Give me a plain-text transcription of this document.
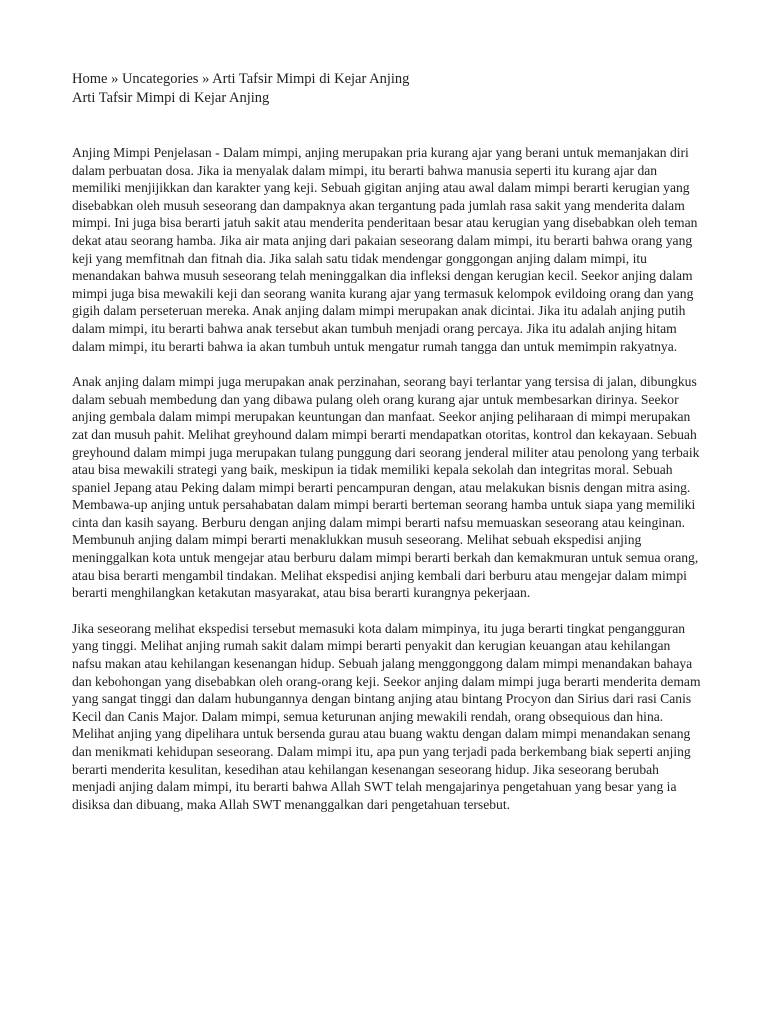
Home » Uncategories » Arti Tafsir Mimpi di Kejar Anjing
Arti Tafsir Mimpi di Kejar Anjing

Anjing Mimpi Penjelasan - Dalam mimpi, anjing merupakan pria kurang ajar yang berani untuk memanjakan diri dalam perbuatan dosa. Jika ia menyalak dalam mimpi, itu berarti bahwa manusia seperti itu kurang ajar dan memiliki menjijikkan dan karakter yang keji. Sebuah gigitan anjing atau awal dalam mimpi berarti kerugian yang disebabkan oleh musuh seseorang dan dampaknya akan tergantung pada jumlah rasa sakit yang menderita dalam mimpi. Ini juga bisa berarti jatuh sakit atau menderita penderitaan besar atau kerugian yang disebabkan oleh teman dekat atau seorang hamba. Jika air mata anjing dari pakaian seseorang dalam mimpi, itu berarti bahwa orang yang keji yang memfitnah dan fitnah dia. Jika salah satu tidak mendengar gonggongan anjing dalam mimpi, itu menandakan bahwa musuh seseorang telah meninggalkan dia infleksi dengan kerugian kecil. Seekor anjing dalam mimpi juga bisa mewakili keji dan seorang wanita kurang ajar yang termasuk kelompok evildoing orang dan yang gigih dalam perseteruan mereka. Anak anjing dalam mimpi merupakan anak dicintai. Jika itu adalah anjing putih dalam mimpi, itu berarti bahwa anak tersebut akan tumbuh menjadi orang percaya. Jika itu adalah anjing hitam dalam mimpi, itu berarti bahwa ia akan tumbuh untuk mengatur rumah tangga dan untuk memimpin rakyatnya.

Anak anjing dalam mimpi juga merupakan anak perzinahan, seorang bayi terlantar yang tersisa di jalan, dibungkus dalam sebuah membedung dan yang dibawa pulang oleh orang kurang ajar untuk membesarkan dirinya. Seekor anjing gembala dalam mimpi merupakan keuntungan dan manfaat. Seekor anjing peliharaan di mimpi merupakan zat dan musuh pahit. Melihat greyhound dalam mimpi berarti mendapatkan otoritas, kontrol dan kekayaan. Sebuah greyhound dalam mimpi juga merupakan tulang punggung dari seorang jenderal militer atau penolong yang terbaik atau bisa mewakili strategi yang baik, meskipun ia tidak memiliki kepala sekolah dan integritas moral. Sebuah spaniel Jepang atau Peking dalam mimpi berarti pencampuran dengan, atau melakukan bisnis dengan mitra asing. Membawa-up anjing untuk persahabatan dalam mimpi berarti berteman seorang hamba untuk siapa yang memiliki cinta dan kasih sayang. Berburu dengan anjing dalam mimpi berarti nafsu memuaskan seseorang atau keinginan. Membunuh anjing dalam mimpi berarti menaklukkan musuh seseorang. Melihat sebuah ekspedisi anjing meninggalkan kota untuk mengejar atau berburu dalam mimpi berarti berkah dan kemakmuran untuk semua orang, atau bisa berarti mengambil tindakan. Melihat ekspedisi anjing kembali dari berburu atau mengejar dalam mimpi berarti menghilangkan ketakutan masyarakat, atau bisa berarti kurangnya pekerjaan.

Jika seseorang melihat ekspedisi tersebut memasuki kota dalam mimpinya, itu juga berarti tingkat pengangguran yang tinggi. Melihat anjing rumah sakit dalam mimpi berarti penyakit dan kerugian keuangan atau kehilangan nafsu makan atau kehilangan kesenangan hidup. Sebuah jalang menggonggong dalam mimpi menandakan bahaya dan kebohongan yang disebabkan oleh orang-orang keji. Seekor anjing dalam mimpi juga berarti menderita demam yang sangat tinggi dan dalam hubungannya dengan bintang anjing atau bintang Procyon dan Sirius dari rasi Canis Kecil dan Canis Major. Dalam mimpi, semua keturunan anjing mewakili rendah, orang obsequious dan hina. Melihat anjing yang dipelihara untuk bersenda gurau atau buang waktu dengan dalam mimpi menandakan senang dan menikmati kehidupan seseorang. Dalam mimpi itu, apa pun yang terjadi pada berkembang biak seperti anjing berarti menderita kesulitan, kesedihan atau kehilangan kesenangan seseorang hidup. Jika seseorang berubah menjadi anjing dalam mimpi, itu berarti bahwa Allah SWT telah mengajarinya pengetahuan yang besar yang ia disiksa dan dibuang, maka Allah SWT menanggalkan dari pengetahuan tersebut.
